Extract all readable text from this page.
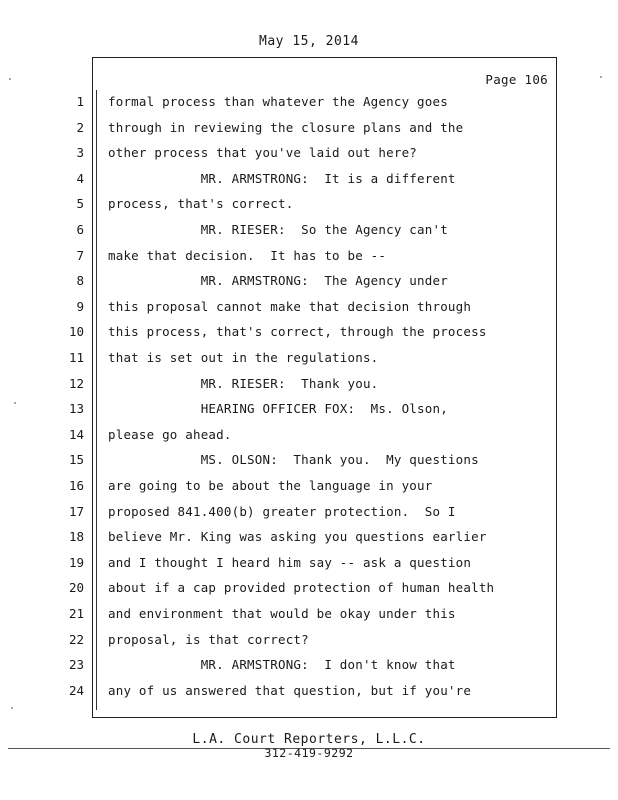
May 15, 2014
Page 106
1 formal process than whatever the Agency goes
2 through in reviewing the closure plans and the
3 other process that you've laid out here?
4 MR. ARMSTRONG:  It is a different
5 process, that's correct.
6 MR. RIESER:  So the Agency can't
7 make that decision.  It has to be --
8 MR. ARMSTRONG:  The Agency under
9 this proposal cannot make that decision through
10 this process, that's correct, through the process
11 that is set out in the regulations.
12 MR. RIESER:  Thank you.
13 HEARING OFFICER FOX:  Ms. Olson,
14 please go ahead.
15 MS. OLSON:  Thank you.  My questions
16 are going to be about the language in your
17 proposed 841.400(b) greater protection.  So I
18 believe Mr. King was asking you questions earlier
19 and I thought I heard him say -- ask a question
20 about if a cap provided protection of human health
21 and environment that would be okay under this
22 proposal, is that correct?
23 MR. ARMSTRONG:  I don't know that
24 any of us answered that question, but if you're
L.A. Court Reporters, L.L.C.
312-419-9292
